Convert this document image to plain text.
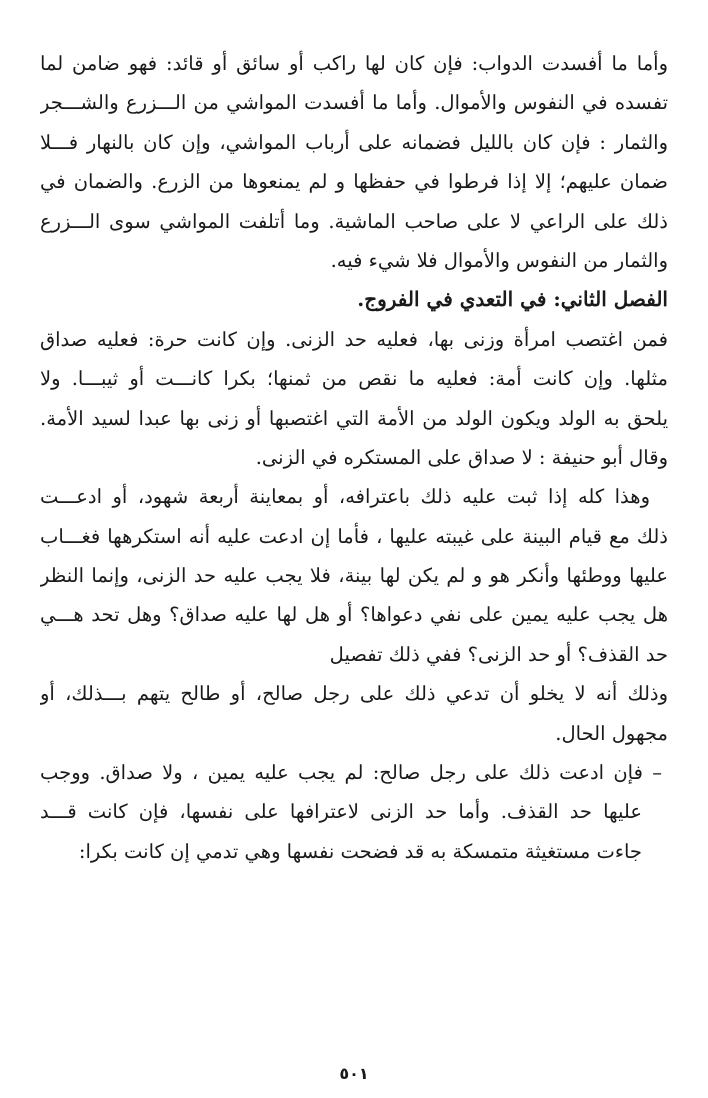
وأما ما أفسدت الدواب: فإن كان لها راكب أو سائق أو قائد: فهو ضامن لما
تفسده في النفوس والأموال. وأما ما أفسدت المواشي من الـــزرع والشـــجر
والثمار : فإن كان بالليل فضمانه على أرباب المواشي، وإن كان بالنهار فـــلا
ضمان عليهم؛ إلا إذا فرطوا في حفظها و لم يمنعوها من الزرع. والضمان في
ذلك على الراعي لا على صاحب الماشية. وما أتلفت المواشي سوى الـــزرع
والثمار من النفوس والأموال فلا شيء فيه.
الفصل الثاني: في التعدي في الفروج.
فمن اغتصب امرأة وزنى بها، فعليه حد الزنى. وإن كانت حرة: فعليه صداق
مثلها. وإن كانت أمة: فعليه ما نقص من ثمنها؛ بكرا كانـــت أو ثيبـــا. ولا
يلحق به الولد ويكون الولد من الأمة التي اغتصبها أو زنى بها عبدا لسيد الأمة.
وقال أبو حنيفة : لا صداق على المستكره في الزنى.
وهذا كله إذا ثبت عليه ذلك باعترافه، أو بمعاينة أربعة شهود، أو ادعـــت
ذلك مع قيام البينة على غيبته عليها ، فأما إن ادعت عليه أنه استكرهها فغـــاب
عليها ووطئها وأنكر هو و لم يكن لها بينة، فلا يجب عليه حد الزنى، وإنما النظر
هل يجب عليه يمين على نفي دعواها؟ أو هل لها عليه صداق؟ وهل تحد هـــي
حد القذف؟ أو حد الزنى؟ ففي ذلك تفصيل
وذلك أنه لا يخلو أن تدعي ذلك على رجل صالح، أو طالح يتهم بـــذلك، أو
مجهول الحال.
– فإن ادعت ذلك على رجل صالح: لم يجب عليه يمين ، ولا صداق. ووجب
عليها حد القذف. وأما حد الزنى لاعترافها على نفسها، فإن كانت قـــد
جاءت مستغيثة متمسكة به قد فضحت نفسها وهي تدمي إن كانت بكرا:
٥٠١
